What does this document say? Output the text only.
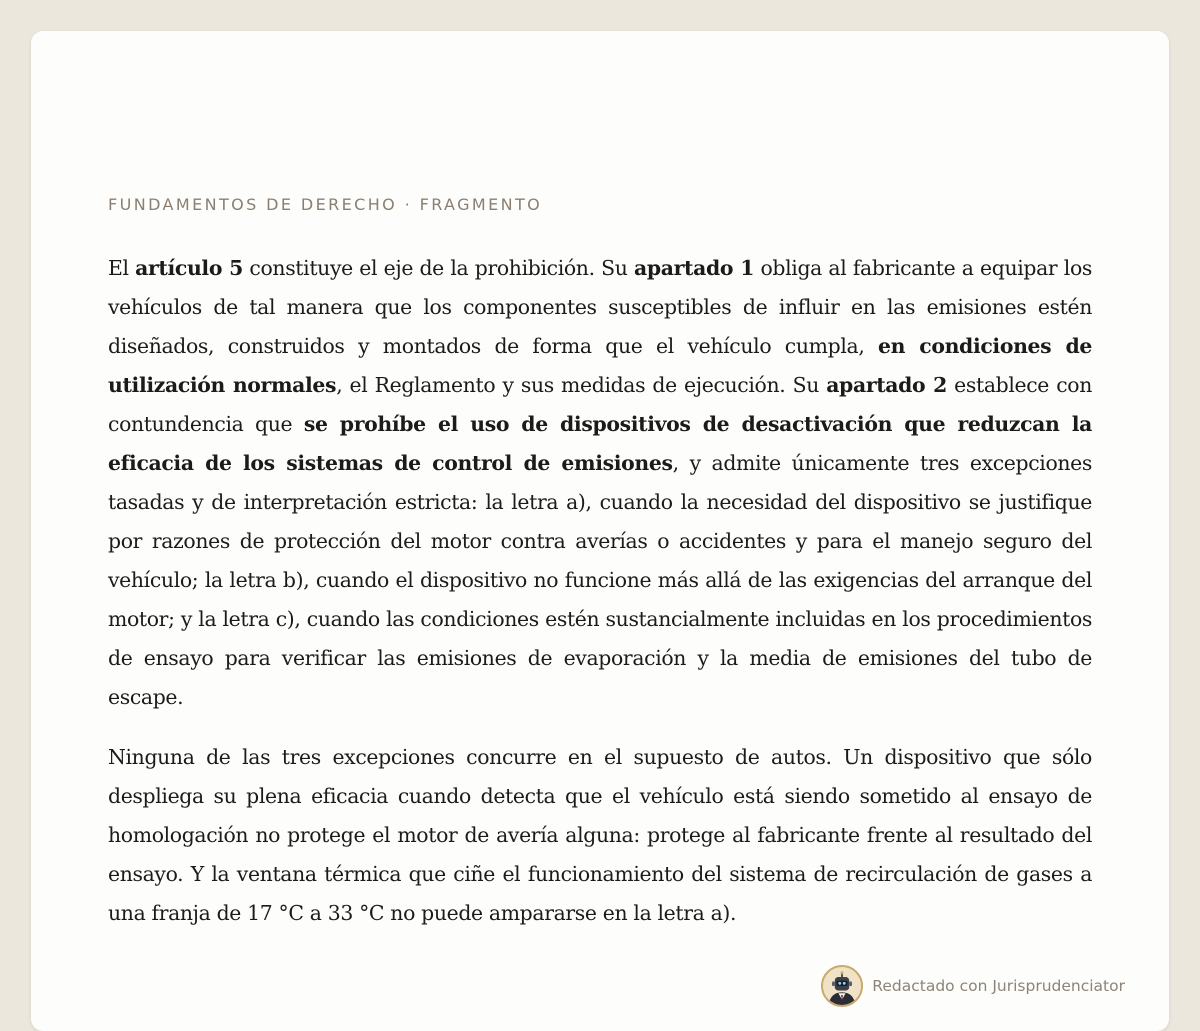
FUNDAMENTOS DE DERECHO · FRAGMENTO

El artículo 5 constituye el eje de la prohibición. Su apartado 1 obliga al fabricante a equipar los vehículos de tal manera que los componentes susceptibles de influir en las emisiones estén diseñados, construidos y montados de forma que el vehículo cumpla, en condiciones de utilización normales, el Reglamento y sus medidas de ejecución. Su apartado 2 establece con contundencia que se prohíbe el uso de dispositivos de desactivación que reduzcan la eficacia de los sistemas de control de emisiones, y admite únicamente tres excepciones tasadas y de interpretación estricta: la letra a), cuando la necesidad del dispositivo se justifique por razones de protección del motor contra averías o accidentes y para el manejo seguro del vehículo; la letra b), cuando el dispositivo no funcione más allá de las exigencias del arranque del motor; y la letra c), cuando las condiciones estén sustancialmente incluidas en los procedimientos de ensayo para verificar las emisiones de evaporación y la media de emisiones del tubo de escape.

Ninguna de las tres excepciones concurre en el supuesto de autos. Un dispositivo que sólo despliega su plena eficacia cuando detecta que el vehículo está siendo sometido al ensayo de homologación no protege el motor de avería alguna: protege al fabricante frente al resultado del ensayo. Y la ventana térmica que ciñe el funcionamiento del sistema de recirculación de gases a una franja de 17 °C a 33 °C no puede ampararse en la letra a).

Redactado con Jurisprudenciator
